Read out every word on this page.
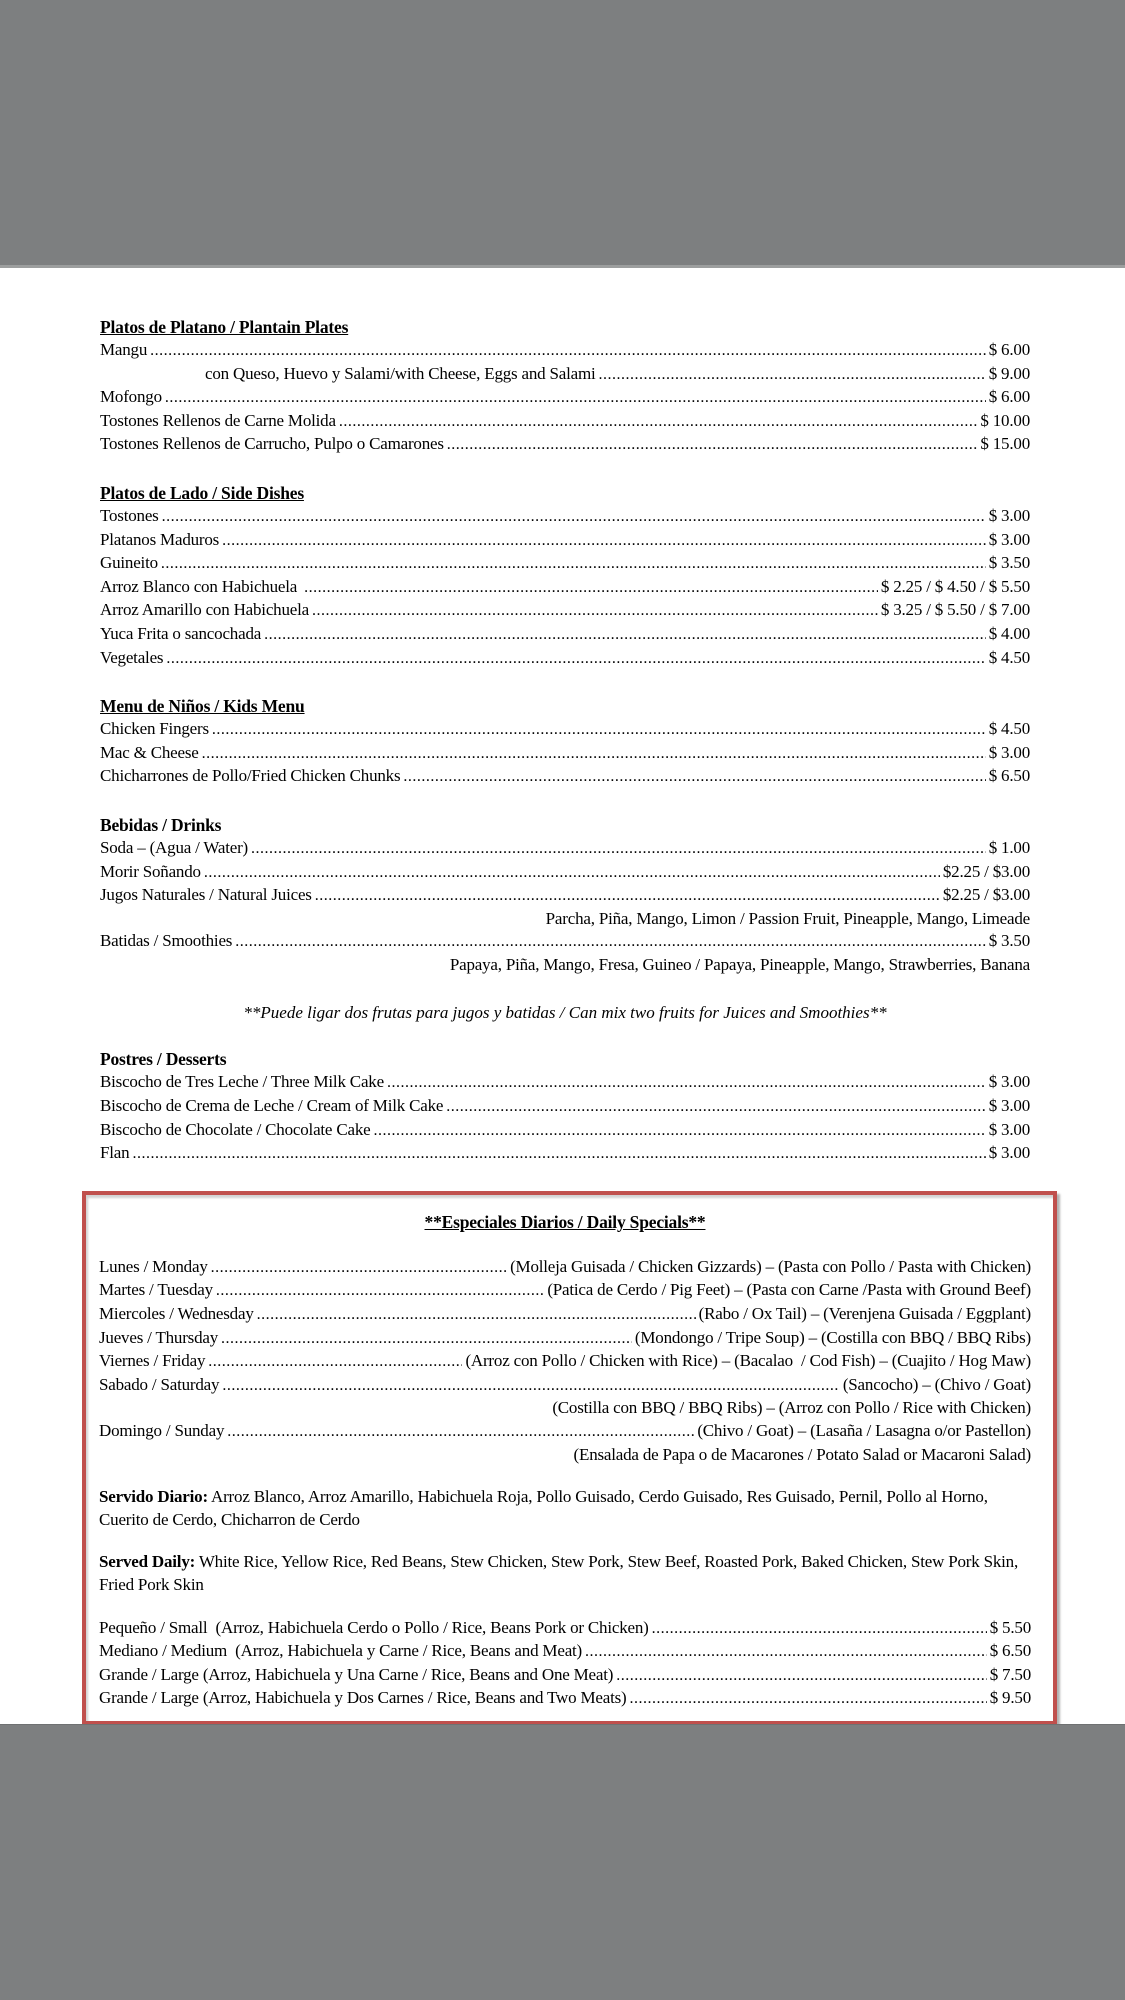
Platos de Platano / Plantain Plates
Mangu .....	$ 6.00
con Queso, Huevo y Salami/with Cheese, Eggs and Salami .....	$ 9.00
Mofongo .....	$ 6.00
Tostones Rellenos de Carne Molida .....	$ 10.00
Tostones Rellenos de Carrucho, Pulpo o Camarones .....	$ 15.00
Platos de Lado / Side Dishes
Tostones .....	$ 3.00
Platanos Maduros .....	$ 3.00
Guineito .....	$ 3.50
Arroz Blanco con Habichuela .....	$ 2.25 / $ 4.50 / $ 5.50
Arroz Amarillo con Habichuela .....	$ 3.25 / $ 5.50 / $ 7.00
Yuca Frita o sancochada .....	$ 4.00
Vegetales .....	$ 4.50
Menu de Niños / Kids Menu
Chicken Fingers .....	$ 4.50
Mac & Cheese .....	$ 3.00
Chicharrones de Pollo/Fried Chicken Chunks .....	$ 6.50
Bebidas / Drinks
Soda – (Agua / Water) .....	$ 1.00
Morir Soñando .....	$2.25 / $3.00
Jugos Naturales / Natural Juices .....	$2.25 / $3.00
Parcha, Piña, Mango, Limon / Passion Fruit, Pineapple, Mango, Limeade
Batidas / Smoothies .....	$ 3.50
Papaya, Piña, Mango, Fresa, Guineo / Papaya, Pineapple, Mango, Strawberries, Banana
**Puede ligar dos frutas para jugos y batidas / Can mix two fruits for Juices and Smoothies**
Postres / Desserts
Biscocho de Tres Leche / Three Milk Cake .....	$ 3.00
Biscocho de Crema de Leche / Cream of Milk Cake .....	$ 3.00
Biscocho de Chocolate / Chocolate Cake .....	$ 3.00
Flan .....	$ 3.00
**Especiales Diarios / Daily Specials**
Lunes / Monday .....	(Molleja Guisada / Chicken Gizzards) – (Pasta con Pollo / Pasta with Chicken)
Martes / Tuesday .....	(Patica de Cerdo / Pig Feet) – (Pasta con Carne /Pasta with Ground Beef)
Miercoles / Wednesday .....	(Rabo / Ox Tail) – (Verenjena Guisada / Eggplant)
Jueves / Thursday .....	(Mondongo / Tripe Soup) – (Costilla con BBQ / BBQ Ribs)
Viernes / Friday .....	(Arroz con Pollo / Chicken with Rice) – (Bacalao  / Cod Fish) – (Cuajito / Hog Maw)
Sabado / Saturday .....	(Sancocho) – (Chivo / Goat)
(Costilla con BBQ / BBQ Ribs) – (Arroz con Pollo / Rice with Chicken)
Domingo / Sunday .....	(Chivo / Goat) – (Lasaña / Lasagna o/or Pastellon)
(Ensalada de Papa o de Macarones / Potato Salad or Macaroni Salad)
Servido Diario: Arroz Blanco, Arroz Amarillo, Habichuela Roja, Pollo Guisado, Cerdo Guisado, Res Guisado, Pernil, Pollo al Horno, Cuerito de Cerdo, Chicharron de Cerdo
Served Daily: White Rice, Yellow Rice, Red Beans, Stew Chicken, Stew Pork, Stew Beef, Roasted Pork, Baked Chicken, Stew Pork Skin, Fried Pork Skin
Pequeño / Small  (Arroz, Habichuela Cerdo o Pollo / Rice, Beans Pork or Chicken) .....	$ 5.50
Mediano / Medium  (Arroz, Habichuela y Carne / Rice, Beans and Meat) .....	$ 6.50
Grande / Large (Arroz, Habichuela y Una Carne / Rice, Beans and One Meat) .....	$ 7.50
Grande / Large (Arroz, Habichuela y Dos Carnes / Rice, Beans and Two Meats) .....	$ 9.50
